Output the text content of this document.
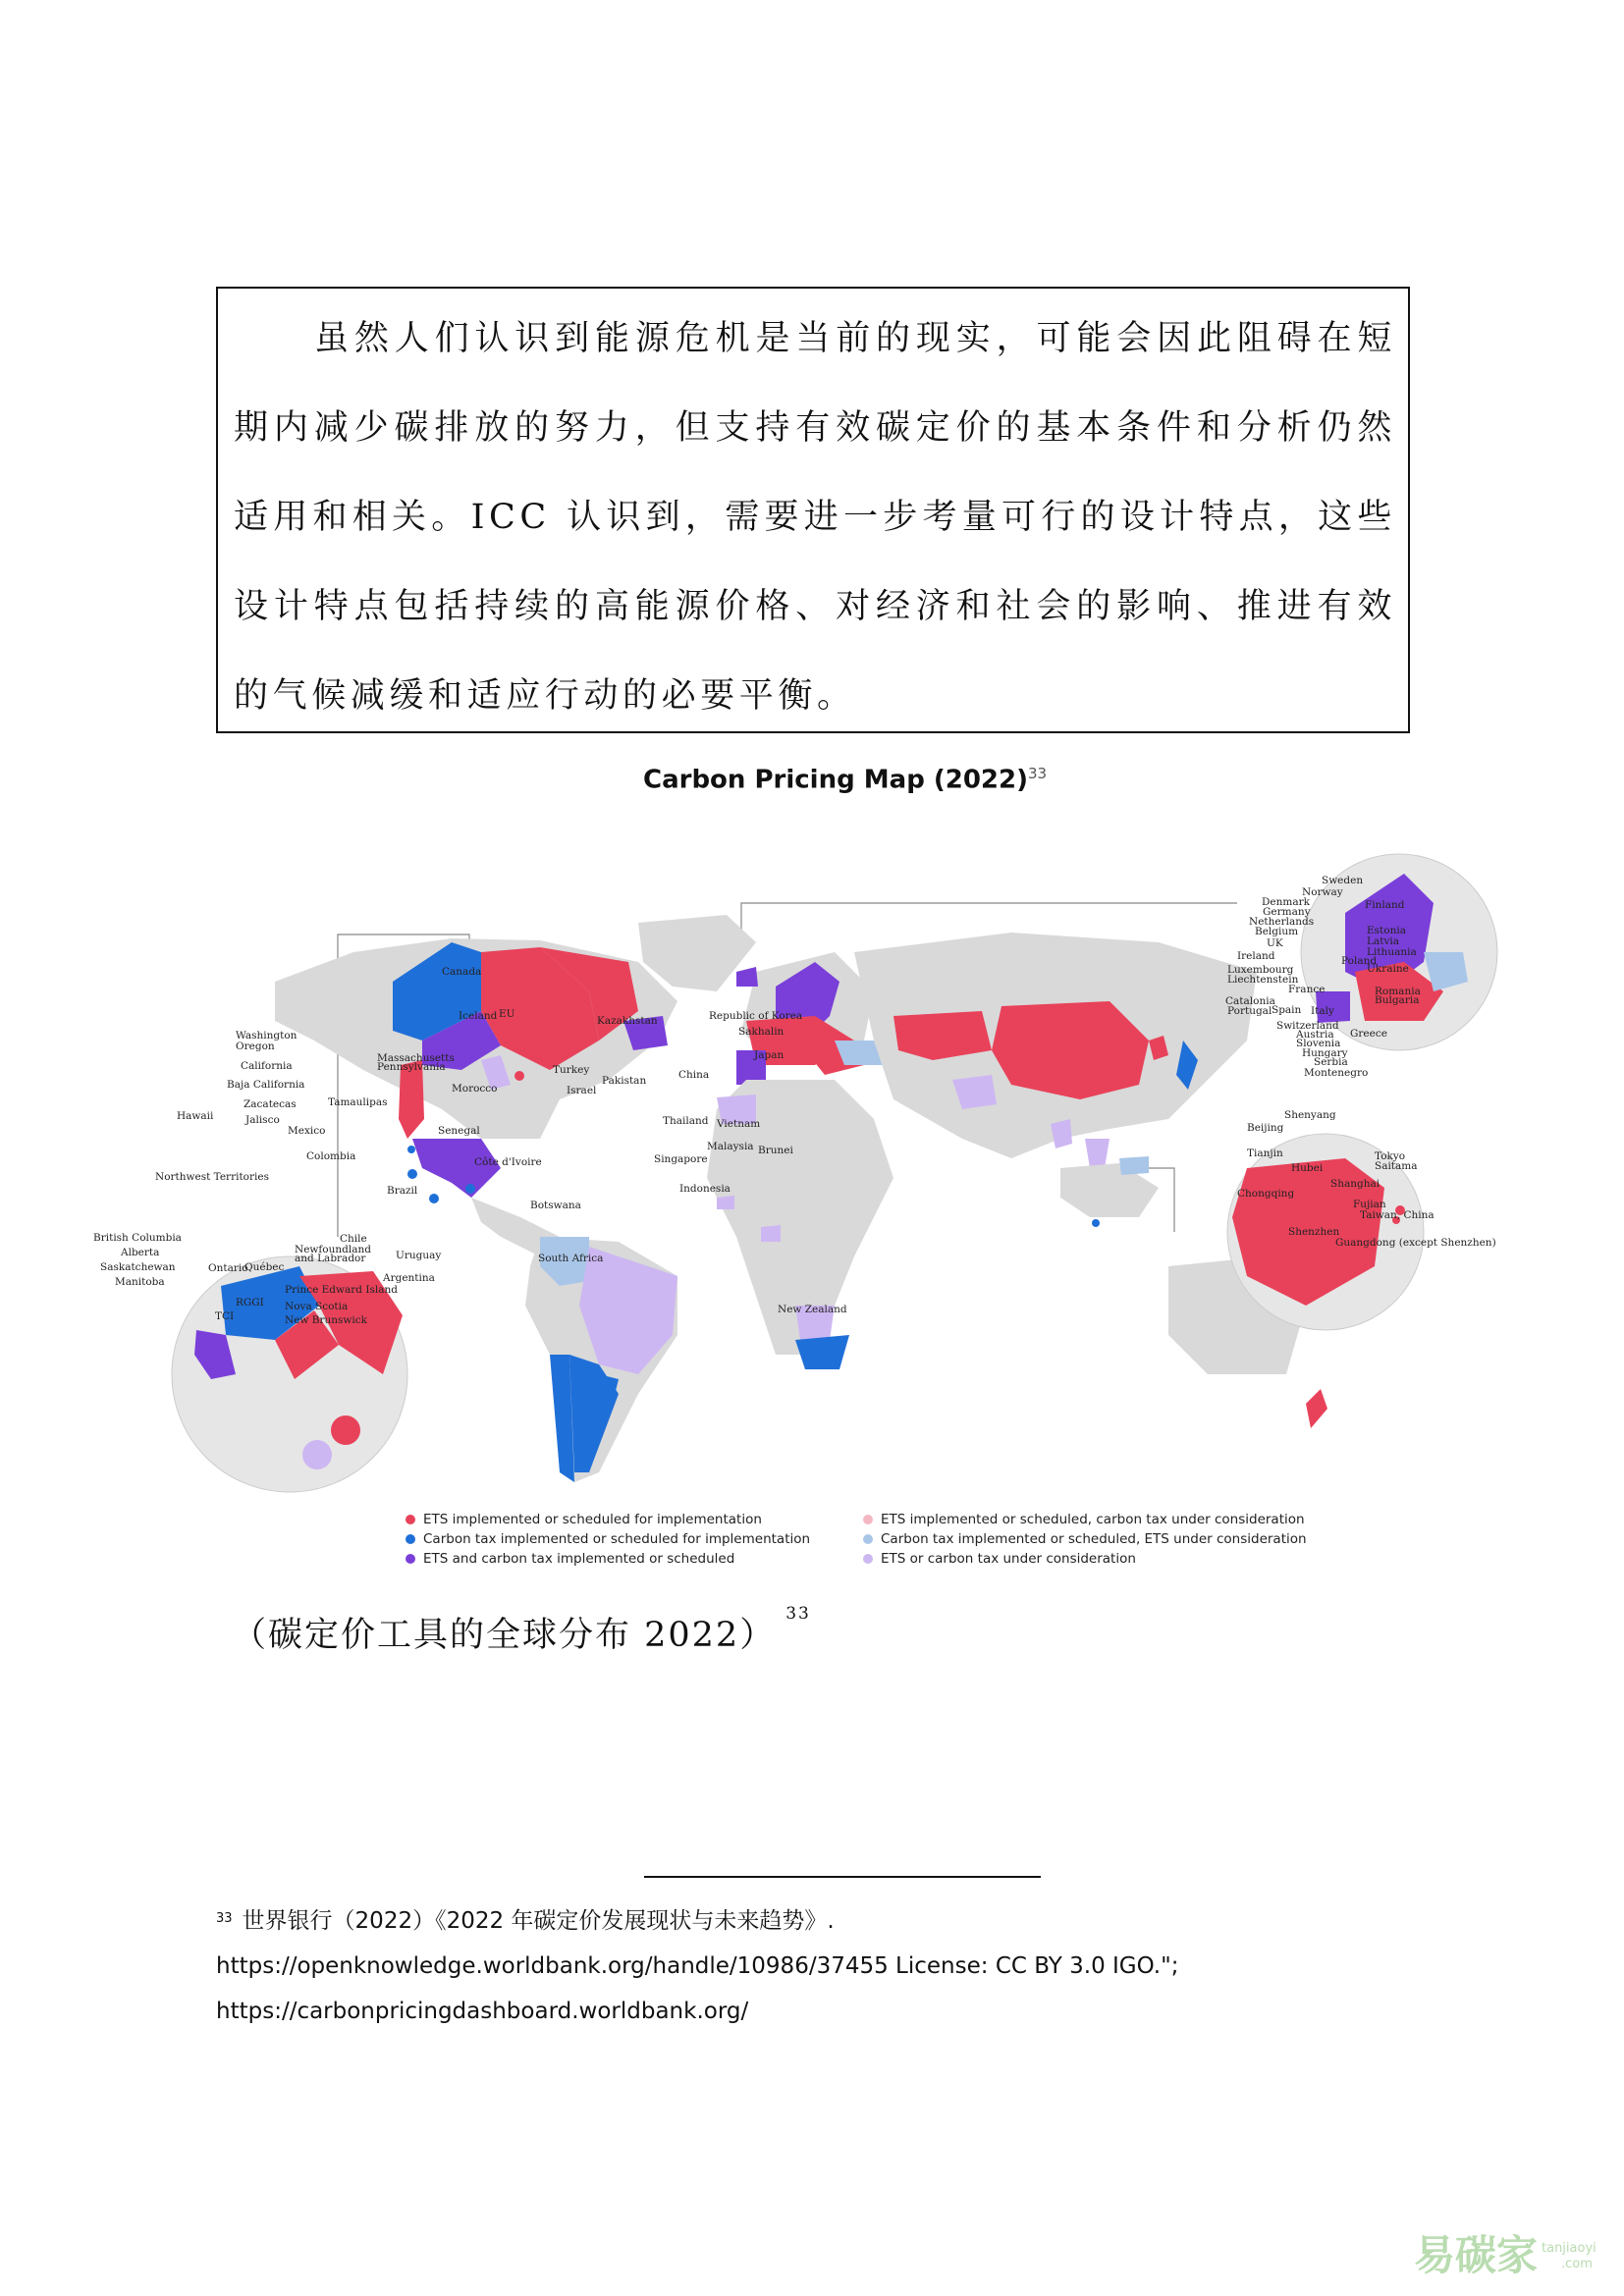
虽然人们认识到能源危机是当前的现实，可能会因此阻碍在短期内减少碳排放的努力，但支持有效碳定价的基本条件和分析仍然适用和相关。ICC 认识到，需要进一步考量可行的设计特点，这些设计特点包括持续的高能源价格、对经济和社会的影响、推进有效的气候减缓和适应行动的必要平衡。

Carbon Pricing Map $(2022)^{33}$
Canada
Iceland EU
Kazakhstan	Republic of Korea
Sakhalin
Japan
Washington
Oregon
California
Massachusetts
Pennsylvania
Baja California
Zacatecas	Tamaulipas
Jalisco
Mexico
Hawaii
Turkey
Morocco	Israel
Pakistan	China
Thailand Vietnam
Senegal
Colombia
Malaysia Brunei
Singapore
Côte d'Ivoire
Indonesia
Brazil
Botswana
Chile
Uruguay	South Africa
Argentina
New Zealand
Northwest Territories
British Columbia
Alberta
Saskatchewan
Manitoba
Ontario
Québec
Newfoundland
and Labrador
Prince Edward Island
Nova Scotia
New Brunswick
RGGI
TCI
Sweden
Norway
Finland
Denmark
Germany
Netherlands
Belgium
UK
Estonia
Latvia
Lithuania
Ireland	Poland
Ukraine
Luxembourg
Liechtenstein
France	Romania
Bulgaria
Catalonia
Portugal Spain Italy
Switzerland
Austria
Slovenia
Hungary
Serbia
Montenegro
Greece
Shenyang
Beijing
Tianjin
Hubei
Tokyo
Saitama
Shanghai
Chongqing
Fujian
Taiwan, China
Shenzhen
Guangdong (except Shenzhen)
ETS implemented or scheduled for implementation
Carbon tax implemented or scheduled for implementation
ETS and carbon tax implemented or scheduled
ETS implemented or scheduled, carbon tax under consideration
Carbon tax implemented or scheduled, ETS under consideration
ETS or carbon tax under consideration
（碳定价工具的全球分布 2022）$^{33}$
$^{33}$ 世界银行（2022）《2022 年碳定价发展现状与未来趋势》.
https://openknowledge.worldbank.org/handle/10986/37455 License: CC BY 3.0 IGO.";
https://carbonpricingdashboard.worldbank.org/
易碳家 tanjiaoyi
.com
